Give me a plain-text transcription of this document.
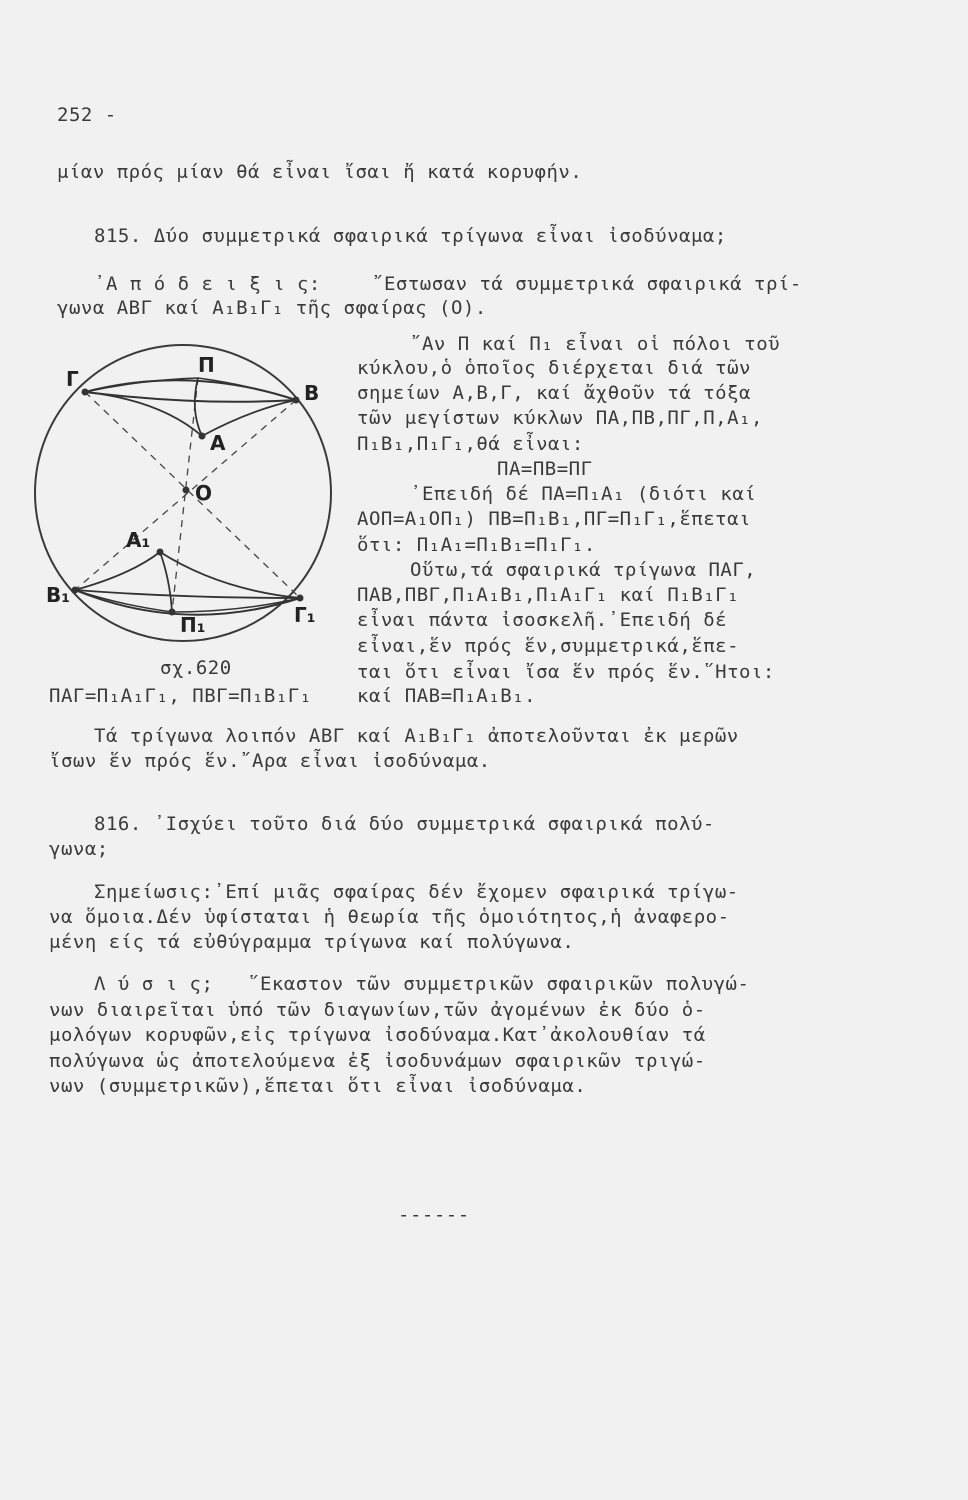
252 -
μίαν πρός μίαν θά εἶναι ἴσαι ἤ κατά κορυφήν.
815. Δύο συμμετρικά σφαιρικά τρίγωνα εἶναι ἰσοδύναμα;
᾿Α π ό δ ε ι ξ ι ς:	῎Εστωσαν τά συμμετρικά σφαιρικά τρί-
γωνα ΑΒΓ καί Α₁Β₁Γ₁ τῆς σφαίρας (Ο).
῎Αν Π καί Π₁ εἶναι οἱ πόλοι τοῦ
κύκλου,ὁ ὁποῖος διέρχεται διά τῶν
σημείων Α,Β,Γ, καί ἄχθοῦν τά τόξα
τῶν μεγίστων κύκλων ΠΑ,ΠΒ,ΠΓ,Π,Α₁,
Π₁Β₁,Π₁Γ₁,θά εἶναι:
ΠΑ=ΠΒ=ΠΓ
᾿Επειδή δέ ΠΑ=Π₁Α₁ (διότι καί
ΑΟΠ=Α₁ΟΠ₁) ΠΒ=Π₁Β₁,ΠΓ=Π₁Γ₁,ἕπεται
ὅτι: Π₁Α₁=Π₁Β₁=Π₁Γ₁.
Οὕτω,τά σφαιρικά τρίγωνα ΠΑΓ,
ΠΑΒ,ΠΒΓ,Π₁Α₁Β₁,Π₁Α₁Γ₁ καί Π₁Β₁Γ₁
εἶναι πάντα ἰσοσκελῆ.᾿Επειδή δέ
εἶναι,ἕν πρός ἕν,συμμετρικά,ἕπε-
ται ὅτι εἶναι ἴσα ἕν πρός ἕν.῞Ητοι:
σχ.620
ΠΑΓ=Π₁Α₁Γ₁, ΠΒΓ=Π₁Β₁Γ₁ καί ΠΑΒ=Π₁Α₁Β₁.
Τά τρίγωνα λοιπόν ΑΒΓ καί Α₁Β₁Γ₁ ἀποτελοῦνται ἐκ μερῶν
ἴσων ἕν πρός ἕν.῎Αρα εἶναι ἰσοδύναμα.
816. ᾿Ισχύει τοῦτο διά δύο συμμετρικά σφαιρικά πολύ-
γωνα;
Σημείωσις:᾿Επί μιᾶς σφαίρας δέν ἔχομεν σφαιρικά τρίγω-
να ὅμοια.Δέν ὑφίσταται ἡ θεωρία τῆς ὁμοιότητος,ἡ ἀναφερο-
μένη είς τά εὐθύγραμμα τρίγωνα καί πολύγωνα.
Λ ύ σ ι ς; ῞Εκαστον τῶν συμμετρικῶν σφαιρικῶν πολυγώ-
νων διαιρεῖται ὑπό τῶν διαγωνίων,τῶν ἀγομένων ἐκ δύο ὁ-
μολόγων κορυφῶν,εἰς τρίγωνα ἰσοδύναμα.Κατ᾿ἀκολουθίαν τά
πολύγωνα ὡς ἀποτελούμενα ἐξ ἰσοδυνάμων σφαιρικῶν τριγώ-
νων (συμμετρικῶν),ἕπεται ὅτι εἶναι ἰσοδύναμα.
------
Γ
Π
Β
Α
Ο
Α₁
Β₁
Π₁	Γ₁
